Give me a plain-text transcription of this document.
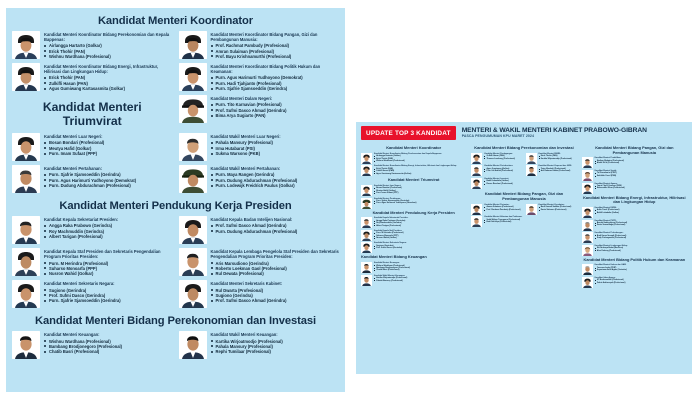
Kandidat Menteri Koordinator
Kandidat Menteri Koordinator Bidang Perekonomian dan Kepala Bappenas:
Airlangga Hartarto (Golkar)
Erick Thohir (PAN)
Wishnu Wardhana (Profesional)
Kandidat Menteri Koordinator Bidang Energi, Infrastruktur, Hilirisasi dan Lingkungan Hidup:
Erick Thohir (PAN)
Zulkifli Hasan (PAN)
Agus Gumiwang Kartasasmita (Golkar)
Kandidat Menteri Koordinator Bidang Pangan, Gizi dan Pembangunan Manusia:
Prof. Rachmat Pambudy (Profesional)
Amran Sulaiman (Profesional)
Prof. Bayu Krishnamurthi (Profesional)
Kandidat Menteri Koordinator Bidang Politik Hukum dan Keamanan:
Purn. Agus Harimurti Yudhoyono (Demokrat)
Purn. Hadi Tjahjanto (Profesional)
Purn. Sjafrie Sjamsoeddin (Gerindra)
Kandidat Menteri Triumvirat
Kandidat Menteri Dalam Negeri:
Purn. Tito Karnavian (Profesional)
Prof. Sufmi Dasco Ahmad (Gerindra)
Bima Arya Sugiarto (PAN)
Kandidat Menteri Luar Negeri:
Bosan Bondari (Profesional)
Meutya Hafid (Golkar)
Purn. Imam Sufaat (PPP)
Kandidat Menteri Pertahanan:
Purn. Sjafrie Sjamsoeddin (Gerindra)
Purn. Agus Harimurti Yudhoyono (Demokrat)
Purn. Dudung Abdurachman (Profesional)
Kandidat Wakil Menteri Luar Negeri:
Pahala Mansury (Profesional)
Irma Hutabarat (PSI)
Sukma Warsono (PKB)
Kandidat Wakil Menteri Pertahanan:
Purn. Maya Rangen (Gerindra)
Purn. Dudung Abdurachman (Profesional)
Purn. Lodewijk Freidrich Paulus (Golkar)
Kandidat Menteri Pendukung Kerja Presiden
Kandidat Kepala Sekretariat Presiden:
Angga Raka Prabowo (Gerindra)
Roy Machmuddin (Gerindra)
Albert Tarigan (Profesional)
Kandidat Kepala Staf Presiden dan Sekretaris Pengendalian Program Prioritas Presiden:
Purn. M Herindra (Profesional)
Suharso Monoarfa (PPP)
Nusron Wahid (Golkar)
Kandidat Menteri Sekretaris Negara:
Sugiono (Gerindra)
Prof. Sufmi Dasco (Gerindra)
Purn. Sjafrie Sjamsoeddin (Gerindra)
Kandidat Kepala Badan Intelijen Nasional:
Prof. Sufmi Dasco Ahmad (Gerindra)
Purn. Dudung Abdurachman (Profesional)
Kandidat Kepala Lembaga Pengelola Staf Presiden dan Sekretaris Pengendalian Program Prioritas Presiden:
Aris Marsudiono (Gerindra)
Roberto Loekman Gaol (Profesional)
Rul Dewata (Profesional)
Kandidat Menteri Sekretaris Kabinet:
Rul Dwarta (Profesional)
Sugiono (Gerindra)
Prof. Sufmi Dasco Ahmad (Gerindra)
Kandidat Menteri Bidang Perekonomian dan Investasi
Kandidat Menteri Keuangan:
Wishnu Wardhana (Profesional)
Bambang Brodjonegoro (Profesional)
Chatib Basri (Profesional)
Kandidat Wakil Menteri Keuangan:
Kartika Wirjoatmodjo (Profesional)
Pahala Mansury (Profesional)
Rephi Tumilaar (Profesional)
UPDATE TOP 3 KANDIDAT	MENTERI & WAKIL MENTERI KABINET PRABOWO-GIBRAN
PASCA PENGUMUMAN KPU MARET 2024
Kandidat Menteri Koordinator
Kandidat Menteri Koordinator Bidang Perekonomian dan Kepala Bappenas:
Airlangga Hartarto (Golkar)
Erick Thohir (PAN)
Wishnu Wardhana (Profesional)
Kandidat Menteri Koordinator Bidang Energi, Infrastruktur, Hilirisasi dan Lingkungan Hidup:
Erick Thohir (PAN)
Zulkifli Hasan (PAN)
Agus Gumiwang Kartasasmita (Golkar)
Kandidat Menteri Triumvirat
Kandidat Menteri Luar Negeri:
Bosan Bondari (Profesional)
Meutya Hafid (Golkar)
Purn. Imam Sufaat (PPP)
Kandidat Menteri Pertahanan:
Purn. Sjafrie Sjamsoeddin (Gerindra)
Purn. Agus Harimurti Yudhoyono (Demokrat)
Kandidat Menteri Pendukung Kerja Presiden
Kandidat Kepala Sekretariat Presiden:
Angga Raka Prabowo (Gerindra)
Roy Machmuddin (Gerindra)
Albert Tarigan (Profesional)
Kandidat Kepala Staf Presiden:
Purn. M Herindra (Profesional)
Suharso Monoarfa (PPP)
Nusron Wahid (Golkar)
Kandidat Menteri Sekretaris Negara:
Sugiono (Gerindra)
Prof. Sufmi Dasco (Gerindra)
Kandidat Menteri Bidang Keuangan
Kandidat Menteri Keuangan:
Wishnu Wardhana (Profesional)
Bambang Brodjonegoro (Profesional)
Chatib Basri (Profesional)
Kandidat Wakil Menteri Keuangan:
Kartika Wirjoatmodjo (Profesional)
Pahala Mansury (Profesional)
Kandidat Menteri Bidang Perekonomian dan Investasi
Kandidat Menteri Perdagangan:
Zulkifli Hasan (PAN)
Thomas Lembong (Profesional)
Kandidat Menteri Perindustrian:
Agus Gumiwang (Golkar)
Putu Juli Ardika (Profesional)
Kandidat Menteri Investasi:
Bahlil Lahadalia (Golkar)
Rosan Roeslani (Profesional)
Kandidat Menteri BUMN:
Erick Thohir (PAN)
Kartika Wirjoatmodjo (Profesional)
Kandidat Menteri Koperasi dan UKM:
Teten Masduki (Profesional)
Arif Rahman Hakim (Profesional)
Kandidat Menteri Bidang Pangan, Gizi dan Pembangunan Manusia
Kandidat Menteri Pertanian:
Amran Sulaiman (Profesional)
Prof. Rachmat Pambudy (Profesional)
Kandidat Menteri Kelautan dan Perikanan:
Sakti Wahyu Trenggono (Profesional)
Budi Sulistiyo (Profesional)
Kandidat Menteri Kesehatan:
Budi Gunadi Sadikin (Profesional)
Dante Saksono (Profesional)
Kandidat Menteri Bidang Pangan, Gizi dan Pembangunan Manusia
Kandidat Menteri Pendidikan:
Nadiem Makarim (Profesional)
Abdul Mu'ti (Profesional)
Kandidat Menteri Sosial:
Tri Rismaharini (PDIP)
Saifullah Yusuf (PKB)
Kandidat Menteri Agama:
Yaqut Cholil Qoumas (PKB)
Nasaruddin Umar (Profesional)
Kandidat Menteri Bidang Energi, Infrastruktur, Hilirisasi dan Lingkungan Hidup
Kandidat Menteri ESDM:
Arifin Tasrif (Profesional)
Bahlil Lahadalia (Golkar)
Kandidat Menteri PUPR:
Basuki Hadimuljono (Profesional)
Danis Sumadilaga (Profesional)
Kandidat Menteri Perhubungan:
Budi Karya Sumadi (Profesional)
Dudy Purwagandhi (Profesional)
Kandidat Menteri Lingkungan Hidup:
Siti Nurbaya Bakar (NasDem)
Alue Dohong (Profesional)
Kandidat Menteri Bidang Politik Hukum dan Keamanan
Kandidat Menteri Hukum dan HAM:
Yasonna Laoly (PDIP)
Supratman Andi Agtas (Gerindra)
Kandidat Jaksa Agung:
ST Burhanuddin (Profesional)
Febrie Adriansyah (Profesional)
